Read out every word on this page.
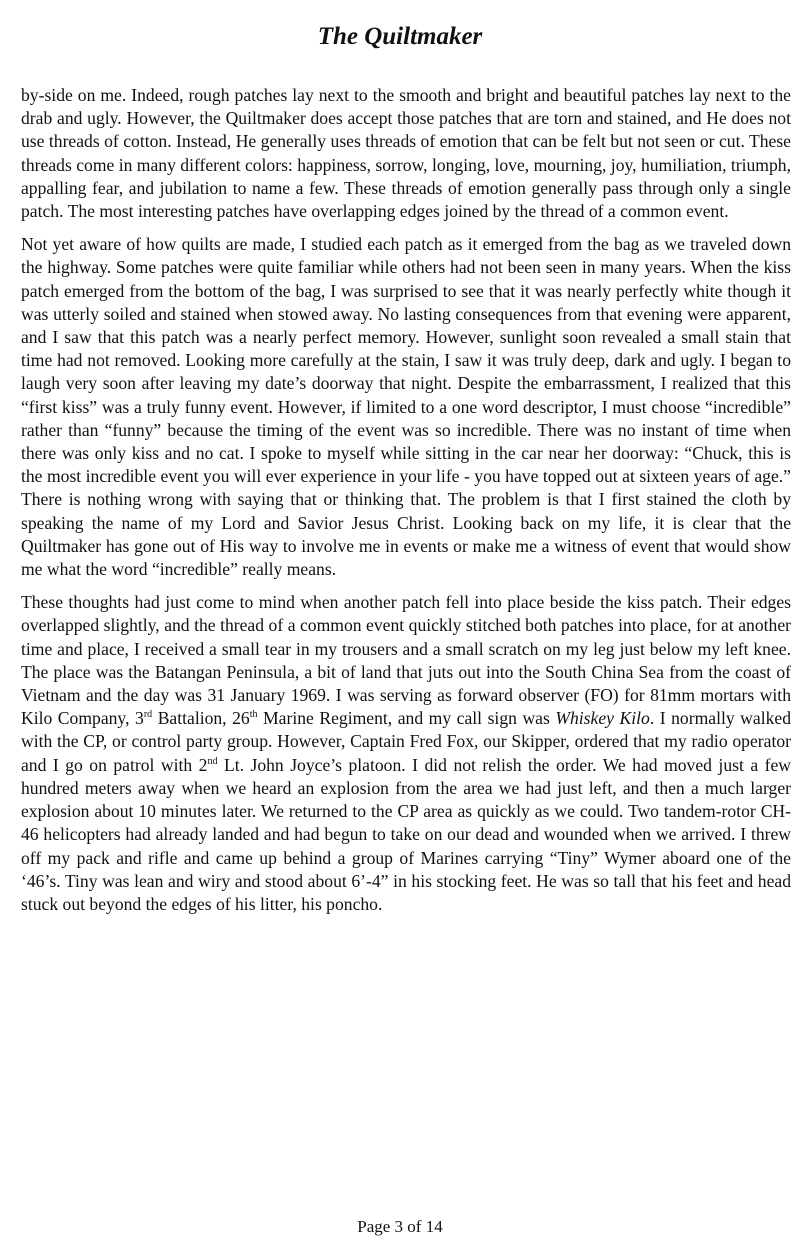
The Quiltmaker

by-side on me. Indeed, rough patches lay next to the smooth and bright and beautiful patches lay next to the drab and ugly. However, the Quiltmaker does accept those patches that are torn and stained, and He does not use threads of cotton. Instead, He generally uses threads of emotion that can be felt but not seen or cut. These threads come in many different colors: happiness, sorrow, longing, love, mourning, joy, humiliation, triumph, appalling fear, and jubilation to name a few. These threads of emotion generally pass through only a single patch. The most interesting patches have overlapping edges joined by the thread of a common event.

Not yet aware of how quilts are made, I studied each patch as it emerged from the bag as we traveled down the highway. Some patches were quite familiar while others had not been seen in many years. When the kiss patch emerged from the bottom of the bag, I was surprised to see that it was nearly perfectly white though it was utterly soiled and stained when stowed away. No lasting consequences from that evening were apparent, and I saw that this patch was a nearly perfect memory. However, sunlight soon revealed a small stain that time had not removed. Looking more carefully at the stain, I saw it was truly deep, dark and ugly. I began to laugh very soon after leaving my date’s doorway that night. Despite the embarrassment, I realized that this “first kiss” was a truly funny event. However, if limited to a one word descriptor, I must choose “incredible” rather than “funny” because the timing of the event was so incredible. There was no instant of time when there was only kiss and no cat. I spoke to myself while sitting in the car near her doorway: “Chuck, this is the most incredible event you will ever experience in your life - you have topped out at sixteen years of age.” There is nothing wrong with saying that or thinking that. The problem is that I first stained the cloth by speaking the name of my Lord and Savior Jesus Christ. Looking back on my life, it is clear that the Quiltmaker has gone out of His way to involve me in events or make me a witness of event that would show me what the word “incredible” really means.

These thoughts had just come to mind when another patch fell into place beside the kiss patch. Their edges overlapped slightly, and the thread of a common event quickly stitched both patches into place, for at another time and place, I received a small tear in my trousers and a small scratch on my leg just below my left knee. The place was the Batangan Peninsula, a bit of land that juts out into the South China Sea from the coast of Vietnam and the day was 31 January 1969. I was serving as forward observer (FO) for 81mm mortars with Kilo Company, 3rd Battalion, 26th Marine Regiment, and my call sign was Whiskey Kilo. I normally walked with the CP, or control party group. However, Captain Fred Fox, our Skipper, ordered that my radio operator and I go on patrol with 2nd Lt. John Joyce’s platoon. I did not relish the order. We had moved just a few hundred meters away when we heard an explosion from the area we had just left, and then a much larger explosion about 10 minutes later. We returned to the CP area as quickly as we could. Two tandem-rotor CH-46 helicopters had already landed and had begun to take on our dead and wounded when we arrived. I threw off my pack and rifle and came up behind a group of Marines carrying “Tiny” Wymer aboard one of the ‘46’s. Tiny was lean and wiry and stood about 6’-4” in his stocking feet. He was so tall that his feet and head stuck out beyond the edges of his litter, his poncho.

Page 3 of 14
